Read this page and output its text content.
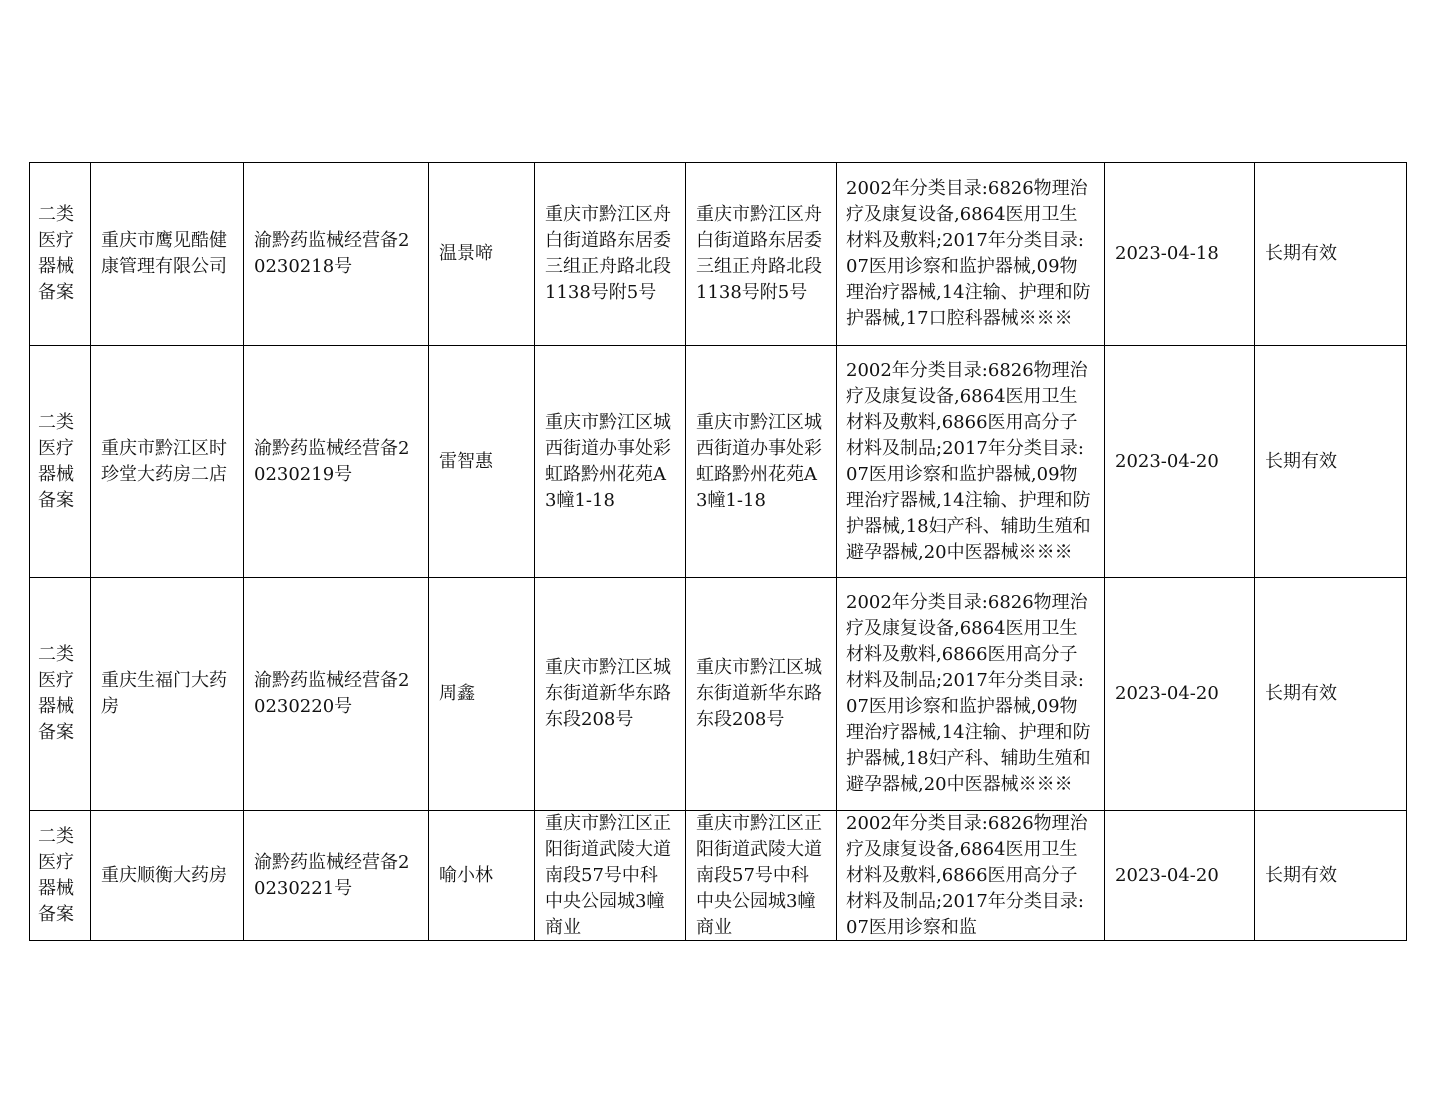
二类医疗器械备案	重庆市鹰见酷健康管理有限公司	渝黔药监械经营备20230218号	温景啼	重庆市黔江区舟白街道路东居委三组正舟路北段1138号附5号	重庆市黔江区舟白街道路东居委三组正舟路北段1138号附5号	2002年分类目录:6826物理治疗及康复设备,6864医用卫生材料及敷料;2017年分类目录:07医用诊察和监护器械,09物理治疗器械,14注输、护理和防护器械,17口腔科器械※※※	2023-04-18	长期有效

二类医疗器械备案	重庆市黔江区时珍堂大药房二店	渝黔药监械经营备20230219号	雷智惠	重庆市黔江区城西街道办事处彩虹路黔州花苑A3幢1-18	重庆市黔江区城西街道办事处彩虹路黔州花苑A3幢1-18	2002年分类目录:6826物理治疗及康复设备,6864医用卫生材料及敷料,6866医用高分子材料及制品;2017年分类目录:07医用诊察和监护器械,09物理治疗器械,14注输、护理和防护器械,18妇产科、辅助生殖和避孕器械,20中医器械※※※	2023-04-20	长期有效

二类医疗器械备案	重庆生福门大药房	渝黔药监械经营备20230220号	周鑫	重庆市黔江区城东街道新华东路东段208号	重庆市黔江区城东街道新华东路东段208号	2002年分类目录:6826物理治疗及康复设备,6864医用卫生材料及敷料,6866医用高分子材料及制品;2017年分类目录:07医用诊察和监护器械,09物理治疗器械,14注输、护理和防护器械,18妇产科、辅助生殖和避孕器械,20中医器械※※※	2023-04-20	长期有效

二类医疗器械备案	重庆顺衡大药房	渝黔药监械经营备20230221号	喻小林	重庆市黔江区正阳街道武陵大道南段57号中科中央公园城3幢商业	重庆市黔江区正阳街道武陵大道南段57号中科中央公园城3幢商业	2002年分类目录:6826物理治疗及康复设备,6864医用卫生材料及敷料,6866医用高分子材料及制品;2017年分类目录:07医用诊察和监	2023-04-20	长期有效
